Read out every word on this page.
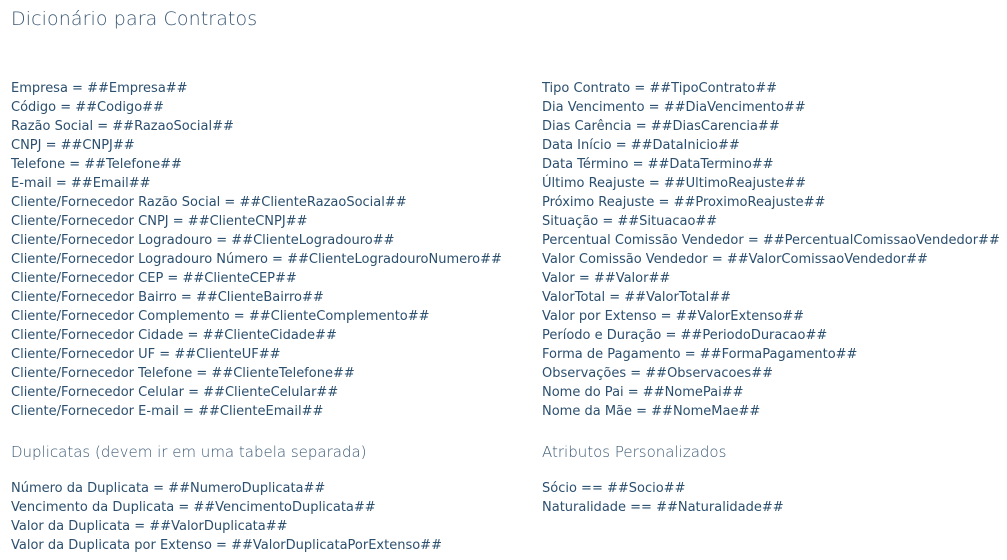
Dicionário para Contratos
Empresa = ##Empresa##
Código = ##Codigo##
Razão Social = ##RazaoSocial##
CNPJ = ##CNPJ##
Telefone = ##Telefone##
E-mail = ##Email##
Cliente/Fornecedor Razão Social = ##ClienteRazaoSocial##
Cliente/Fornecedor CNPJ = ##ClienteCNPJ##
Cliente/Fornecedor Logradouro = ##ClienteLogradouro##
Cliente/Fornecedor Logradouro Número = ##ClienteLogradouroNumero##
Cliente/Fornecedor CEP = ##ClienteCEP##
Cliente/Fornecedor Bairro = ##ClienteBairro##
Cliente/Fornecedor Complemento = ##ClienteComplemento##
Cliente/Fornecedor Cidade = ##ClienteCidade##
Cliente/Fornecedor UF = ##ClienteUF##
Cliente/Fornecedor Telefone = ##ClienteTelefone##
Cliente/Fornecedor Celular = ##ClienteCelular##
Cliente/Fornecedor E-mail = ##ClienteEmail##
Tipo Contrato = ##TipoContrato##
Dia Vencimento = ##DiaVencimento##
Dias Carência = ##DiasCarencia##
Data Início = ##DataInicio##
Data Término = ##DataTermino##
Último Reajuste = ##UltimoReajuste##
Próximo Reajuste = ##ProximoReajuste##
Situação = ##Situacao##
Percentual Comissão Vendedor = ##PercentualComissaoVendedor##
Valor Comissão Vendedor = ##ValorComissaoVendedor##
Valor = ##Valor##
ValorTotal = ##ValorTotal##
Valor por Extenso = ##ValorExtenso##
Período e Duração = ##PeriodoDuracao##
Forma de Pagamento = ##FormaPagamento##
Observações = ##Observacoes##
Nome do Pai = ##NomePai##
Nome da Mãe = ##NomeMae##
Duplicatas (devem ir em uma tabela separada)
Número da Duplicata = ##NumeroDuplicata##
Vencimento da Duplicata = ##VencimentoDuplicata##
Valor da Duplicata = ##ValorDuplicata##
Valor da Duplicata por Extenso = ##ValorDuplicataPorExtenso##
Atributos Personalizados
Sócio == ##Socio##
Naturalidade == ##Naturalidade##
